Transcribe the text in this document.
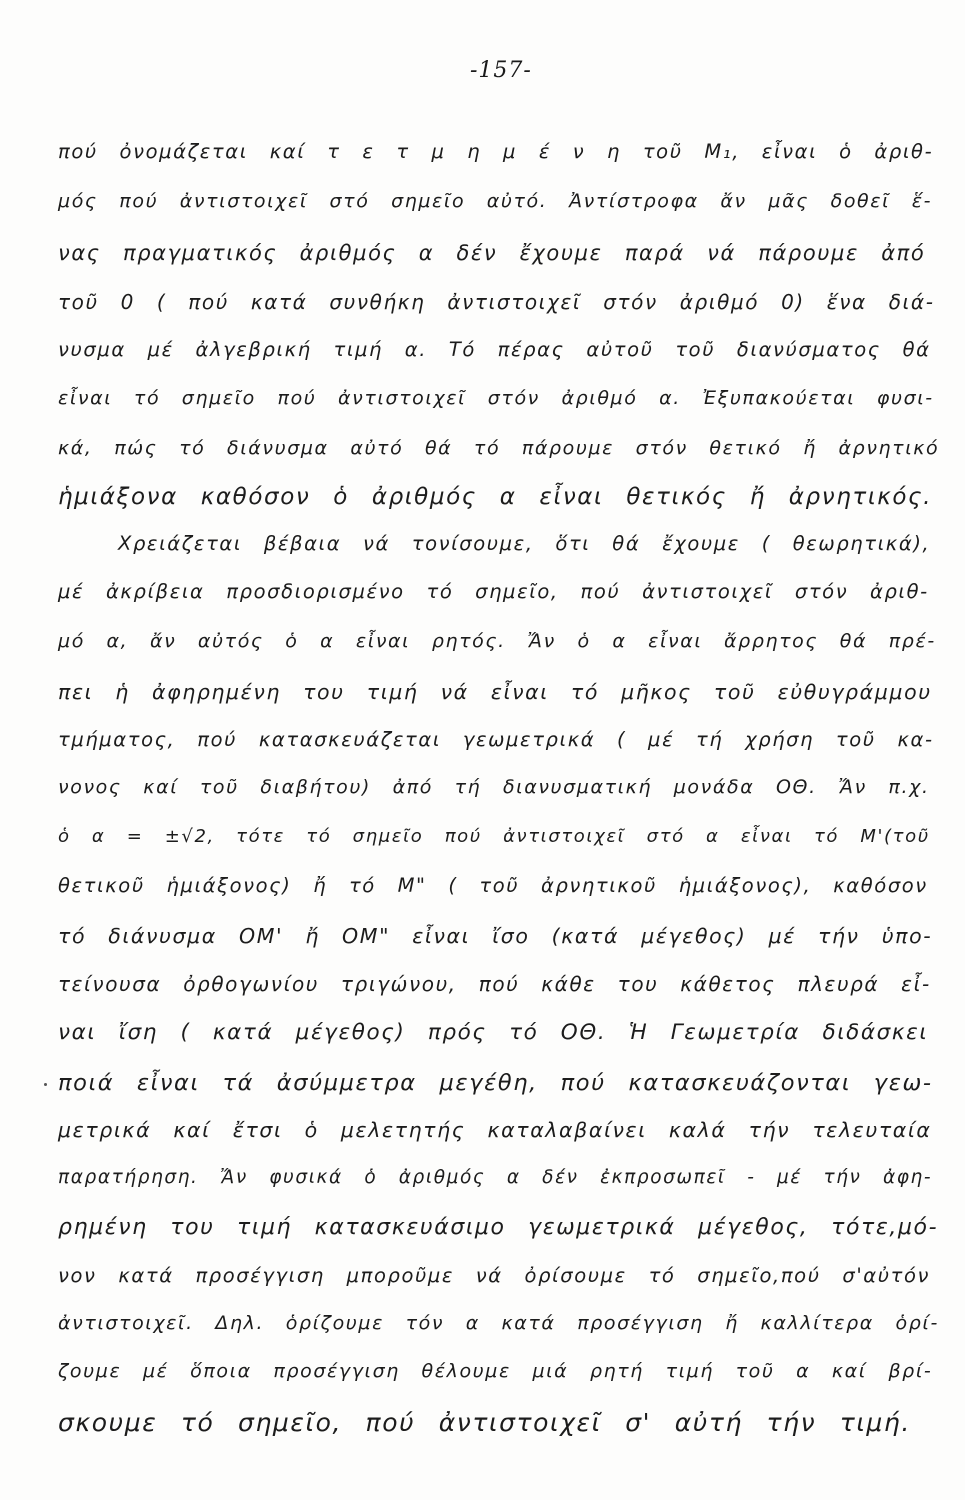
-157-
πού ὀνομάζεται καί τ ε τ μ η μ έ ν η τοῦ Μ₁, εἶναι ὁ ἀριθ-
μός πού ἀντιστοιχεῖ στό σημεῖο αὐτό. Ἀντίστροφα ἄν μᾶς δοθεῖ ἕ-
νας πραγματικός ἀριθμός α δέν ἔχουμε παρά νά πάρουμε ἀπό
τοῦ 0 ( πού κατά συνθήκη ἀντιστοιχεῖ στόν ἀριθμό 0) ἕνα διά-
νυσμα μέ ἀλγεβρική τιμή α. Τό πέρας αὐτοῦ τοῦ διανύσματος θά
εἶναι τό σημεῖο πού ἀντιστοιχεῖ στόν ἀριθμό α. Ἐξυπακούεται φυσι-
κά, πώς τό διάνυσμα αὐτό θά τό πάρουμε στόν θετικό ἤ ἀρνητικό
ἡμιάξονα καθόσον ὁ ἀριθμός α εἶναι θετικός ἤ ἀρνητικός.
Χρειάζεται βέβαια νά τονίσουμε, ὅτι θά ἔχουμε ( θεωρητικά),
μέ ἀκρίβεια προσδιορισμένο τό σημεῖο, πού ἀντιστοιχεῖ στόν ἀριθ-
μό α, ἄν αὐτός ὁ α εἶναι ρητός. Ἄν ὁ α εἶναι ἄρρητος θά πρέ-
πει ἡ ἀφηρημένη του τιμή νά εἶναι τό μῆκος τοῦ εὐθυγράμμου
τμήματος, πού κατασκευάζεται γεωμετρικά ( μέ τή χρήση τοῦ κα-
νονος καί τοῦ διαβήτου) ἀπό τή διανυσματική μονάδα ΟΘ. Ἄν π.χ.
ὁ α = ±√2, τότε τό σημεῖο πού ἀντιστοιχεῖ στό α εἶναι τό Μ'(τοῦ
θετικοῦ ἡμιάξονος) ἤ τό Μ" ( τοῦ ἀρνητικοῦ ἡμιάξονος), καθόσον
τό διάνυσμα ΟΜ' ἤ ΟΜ" εἶναι ἴσο (κατά μέγεθος) μέ τήν ὑπο-
τείνουσα ὀρθογωνίου τριγώνου, πού κάθε του κάθετος πλευρά εἶ-
ναι ἴση ( κατά μέγεθος) πρός τό ΟΘ. Ἡ Γεωμετρία διδάσκει
ποιά εἶναι τά ἀσύμμετρα μεγέθη, πού κατασκευάζονται γεω-
μετρικά καί ἔτσι ὁ μελετητής καταλαβαίνει καλά τήν τελευταία
παρατήρηση. Ἄν φυσικά ὁ ἀριθμός α δέν ἐκπροσωπεῖ - μέ τήν ἀφη-
ρημένη του τιμή κατασκευάσιμο γεωμετρικά μέγεθος, τότε,μό-
νον κατά προσέγγιση μποροῦμε νά ὀρίσουμε τό σημεῖο,πού σ'αὐτόν
ἀντιστοιχεῖ. Δηλ. ὁρίζουμε τόν α κατά προσέγγιση ἤ καλλίτερα ὁρί-
ζουμε μέ ὅποια προσέγγιση θέλουμε μιά ρητή τιμή τοῦ α καί βρί-
σκουμε τό σημεῖο, πού ἀντιστοιχεῖ σ' αὐτή τήν τιμή.
